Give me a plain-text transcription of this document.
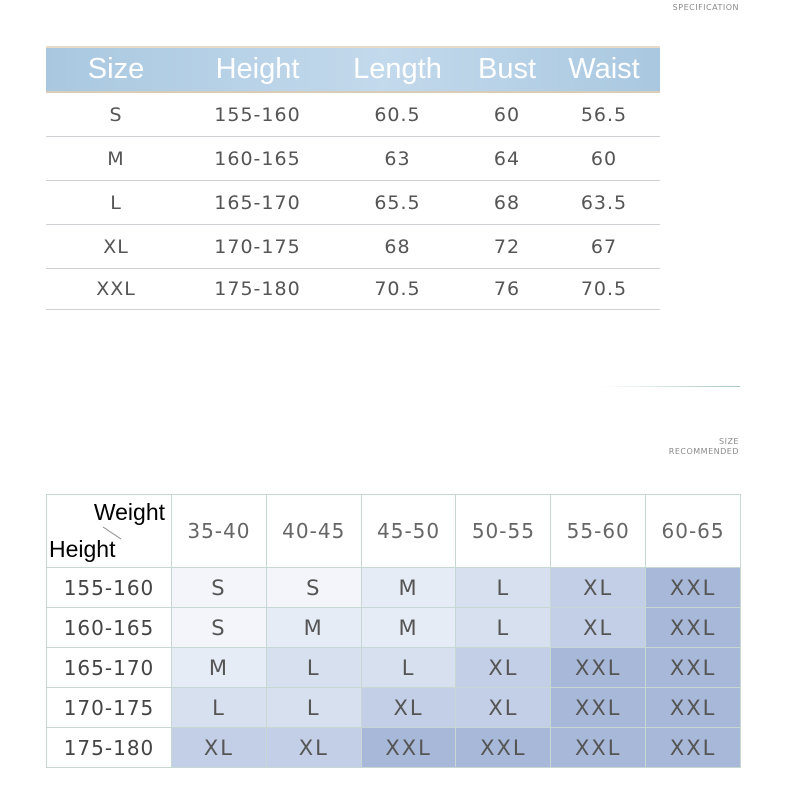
SPECIFICATION
Size	Height	Length	Bust	Waist
S	155-160	60.5	60	56.5
M	160-165	63	64	60
L	165-170	65.5	68	63.5
XL	170-175	68	72	67
XXL	175-180	70.5	76	70.5
SIZE
RECOMMENDED
Weight
Height	35-40	40-45	45-50	50-55	55-60	60-65
155-160	S	S	M	L	XL	XXL
160-165	S	M	M	L	XL	XXL
165-170	M	L	L	XL	XXL	XXL
170-175	L	L	XL	XL	XXL	XXL
175-180	XL	XL	XXL	XXL	XXL	XXL
